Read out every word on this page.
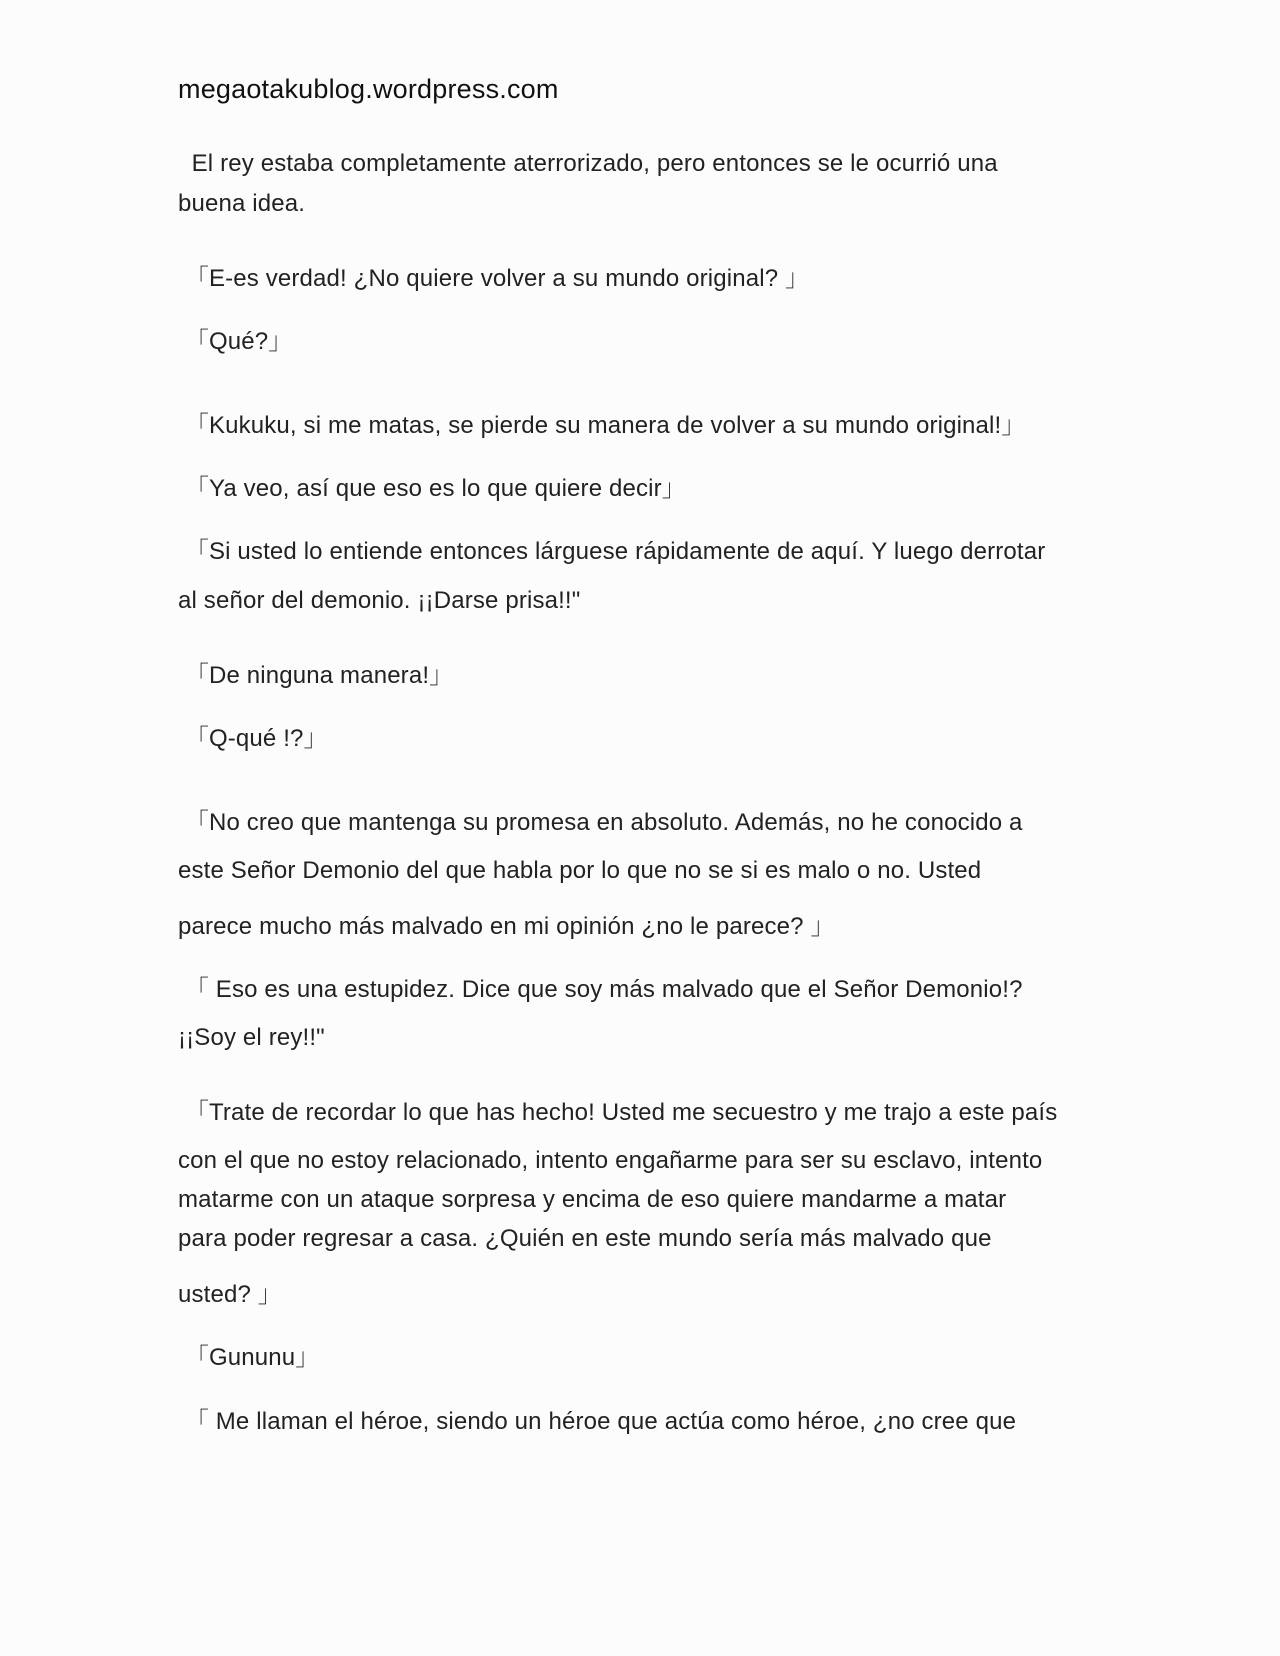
megaotakublog.wordpress.com
El rey estaba completamente aterrorizado, pero entonces se le ocurrió una
buena idea.
「E-es verdad! ¿No quiere volver a su mundo original? 」
「Qué?」
「Kukuku, si me matas, se pierde su manera de volver a su mundo original!」
「Ya veo, así que eso es lo que quiere decir」
「Si usted lo entiende entonces lárguese rápidamente de aquí. Y luego derrotar
al señor del demonio. ¡¡Darse prisa!!"
「De ninguna manera!」
「Q-qué !?」
「No creo que mantenga su promesa en absoluto. Además, no he conocido a
este Señor Demonio del que habla por lo que no se si es malo o no. Usted
parece mucho más malvado en mi opinión ¿no le parece? 」
「 Eso es una estupidez. Dice que soy más malvado que el Señor Demonio!?
¡¡Soy el rey!!"
「Trate de recordar lo que has hecho! Usted me secuestro y me trajo a este país
con el que no estoy relacionado, intento engañarme para ser su esclavo, intento
matarme con un ataque sorpresa y encima de eso quiere mandarme a matar
para poder regresar a casa. ¿Quién en este mundo sería más malvado que
usted? 」
「Gununu」
「 Me llaman el héroe, siendo un héroe que actúa como héroe, ¿no cree que
